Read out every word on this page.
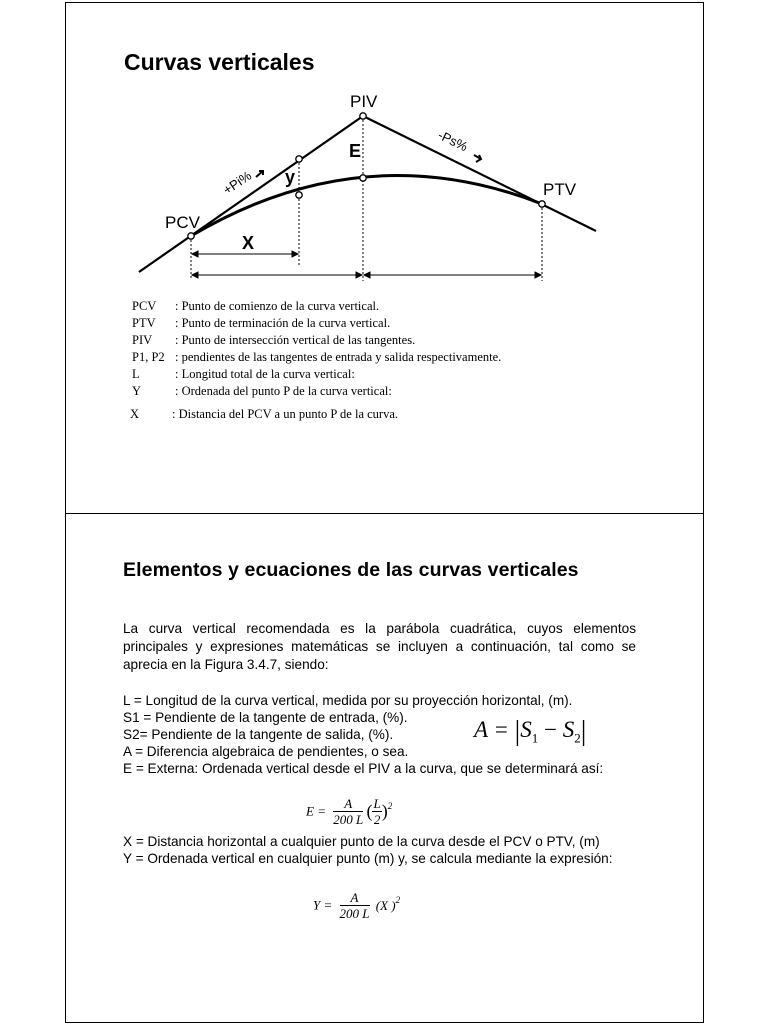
Curvas verticales
PIV
PCV
PTV
E
y
X
+Pi%
-Ps%
PCV : Punto de comienzo de la curva vertical.
PTV : Punto de terminación de la curva vertical.
PIV : Punto de intersección vertical de las tangentes.
P1, P2 : pendientes de las tangentes de entrada y salida respectivamente.
L	: Longitud total de la curva vertical:
Y	: Ordenada del punto P de la curva vertical:
X	: Distancia del PCV a un punto P de la curva.
Elementos y ecuaciones de las curvas verticales
La curva vertical recomendada es la parábola cuadrática, cuyos elementos principales y expresiones matemáticas se incluyen a continuación, tal como se aprecia en la Figura 3.4.7, siendo:
L = Longitud de la curva vertical, medida por su proyección horizontal, (m).
S1 = Pendiente de la tangente de entrada, (%).
S2= Pendiente de la tangente de salida, (%).
A = Diferencia algebraica de pendientes, o sea.
E = Externa: Ordenada vertical desde el PIV a la curva, que se determinará así:
$A = |S_1 - S_2|$
$E = \frac{A}{200 L}$ ( $\frac{L}{2} )^2$
X = Distancia horizontal a cualquier punto de la curva desde el PCV o PTV, (m)
Y = Ordenada vertical en cualquier punto (m) y, se calcula mediante la expresión:
$Y = \frac{A}{200 L} (X$ )$^2$
